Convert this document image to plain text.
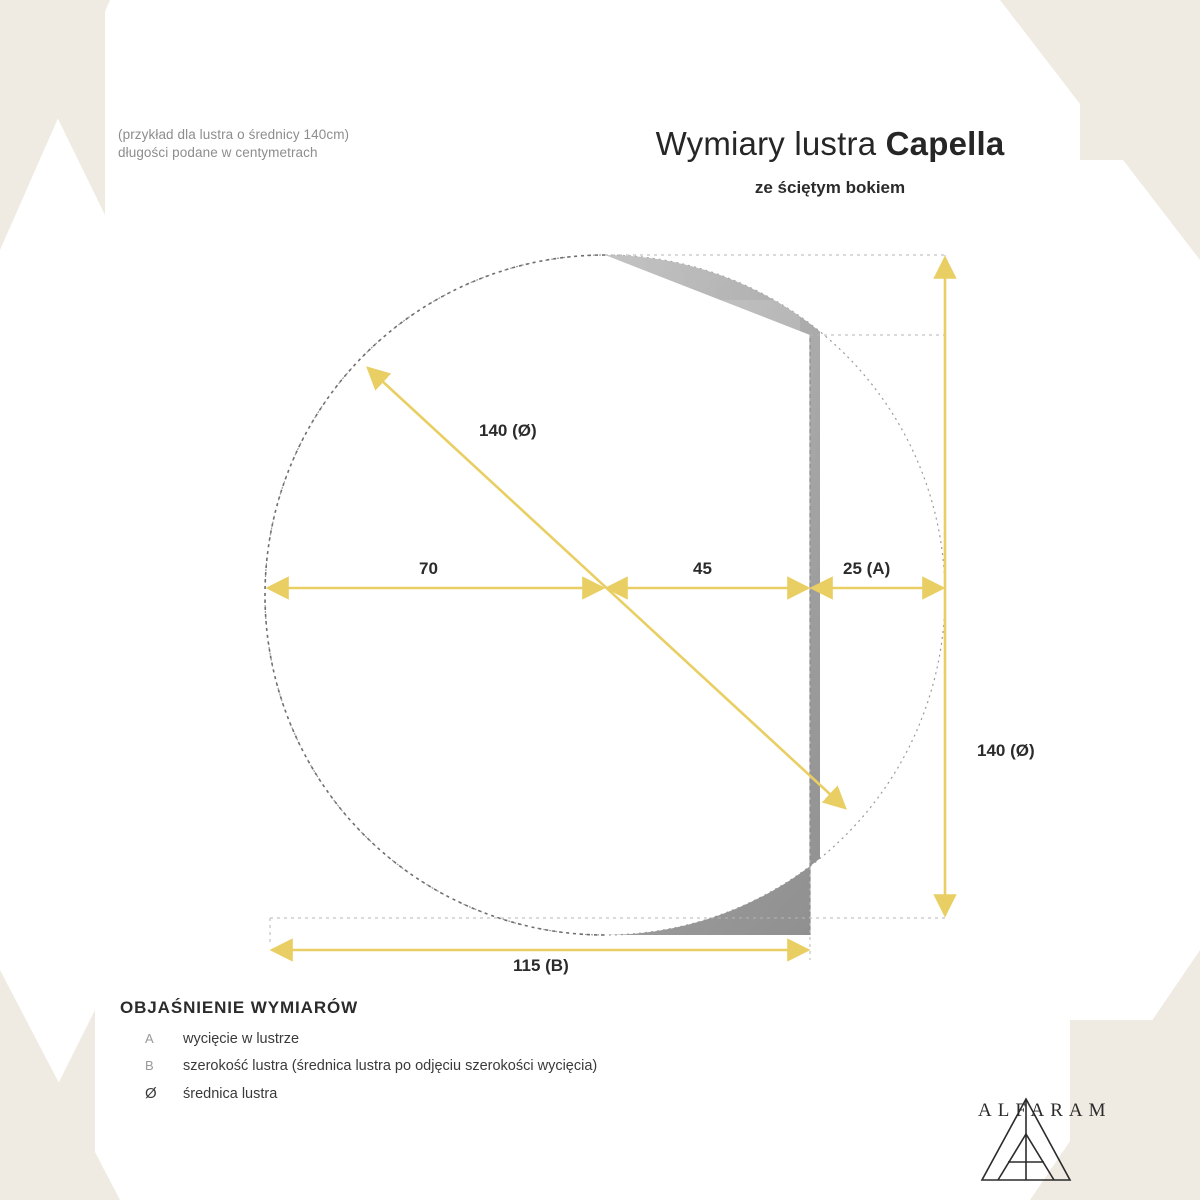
(przykład dla lustra o średnicy 140cm)
długości podane w centymetrach	Wymiary lustra Capella
ze ściętym bokiem
140 (Ø)
70	45	25 (A)
140 (Ø)
115 (B)
OBJAŚNIENIE WYMIARÓW
A wycięcie w lustrze
B szerokość lustra (średnica lustra po odjęciu szerokości wycięcia)
Ø średnica lustra
ALFARAM
